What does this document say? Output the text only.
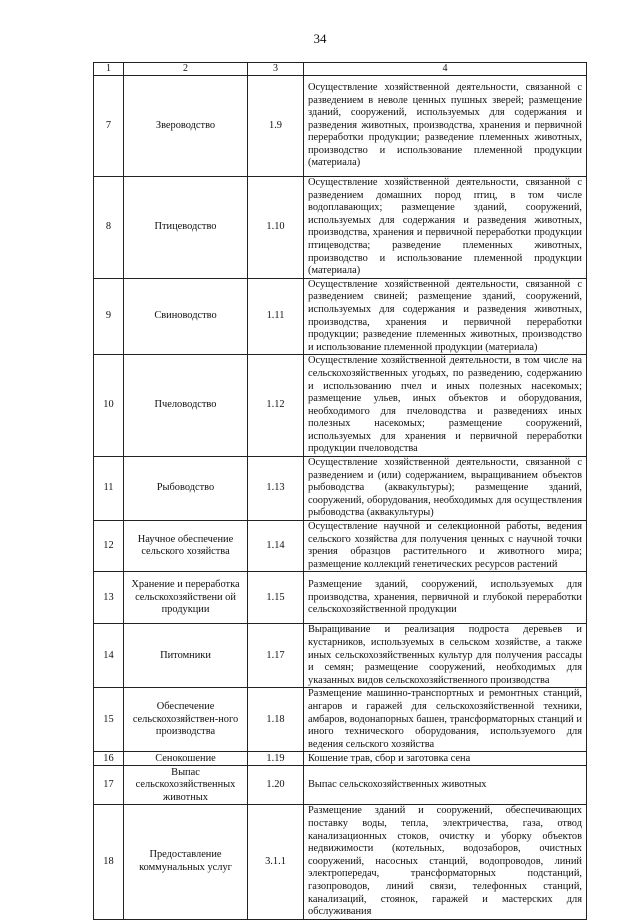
34
1	2	3	4
7	Звероводство	1.9	Осуществление хозяйственной деятельности, связанной с разведением в неволе ценных пушных зверей; размещение зданий, сооружений, используемых для содержания и разведения животных, производства, хранения и первичной переработки продукции; разведение племенных животных, производство и использование племенной продукции (материала)
8	Птицеводство	1.10	Осуществление хозяйственной деятельности, связанной с разведением домашних пород птиц, в том числе водоплавающих; размещение зданий, сооружений, используемых для содержания и разведения животных, производства, хранения и первичной переработки продукции птицеводства; разведение племенных животных, производство и использование племенной продукции (материала)
9	Свиноводство	1.11	Осуществление хозяйственной деятельности, связанной с разведением свиней; размещение зданий, сооружений, используемых для содержания и разведения животных, производства, хранения и первичной переработки продукции; разведение племенных животных, производство и использование племенной продукции (материала)
10	Пчеловодство	1.12	Осуществление хозяйственной деятельности, в том числе на сельскохозяйственных угодьях, по разведению, содержанию и использованию пчел и иных полезных насекомых; размещение ульев, иных объектов и оборудования, необходимого для пчеловодства и разведениях иных полезных насекомых; размещение сооружений, используемых для хранения и первичной переработки продукции пчеловодства
11	Рыбоводство	1.13	Осуществление хозяйственной деятельности, связанной с разведением и (или) содержанием, выращиванием объектов рыбоводства (аквакультуры); размещение зданий, сооружений, оборудования, необходимых для осуществления рыбоводства (аквакультуры)
12	Научное обеспечение сельского хозяйства	1.14	Осуществление научной и селекционной работы, ведения сельского хозяйства для получения ценных с научной точки зрения образцов растительного и животного мира; размещение коллекций генетических ресурсов растений
13	Хранение и переработка сельскохозяйствени ой продукции	1.15	Размещение зданий, сооружений, используемых для производства, хранения, первичной и глубокой переработки сельскохозяйственной продукции
14	Питомники	1.17	Выращивание и реализация подроста деревьев и кустарников, используемых в сельском хозяйстве, а также иных сельскохозяйственных культур для получения рассады и семян; размещение сооружений, необходимых для указанных видов сельскохозяйственного производства
15	Обеспечение сельскохозяйствен-ного производства	1.18	Размещение машинно-транспортных и ремонтных станций, ангаров и гаражей для сельскохозяйственной техники, амбаров, водонапорных башен, трансформаторных станций и иного технического оборудования, используемого для ведения сельского хозяйства
16	Сенокошение	1.19	Кошение трав, сбор и заготовка сена
17	Выпас сельскохозяйственных животных	1.20	Выпас сельскохозяйственных животных
18	Предоставление коммунальных услуг	3.1.1	Размещение зданий и сооружений, обеспечивающих поставку воды, тепла, электричества, газа, отвод канализационных стоков, очистку и уборку объектов недвижимости (котельных, водозаборов, очистных сооружений, насосных станций, водопроводов, линий электропередач, трансформаторных подстанций, газопроводов, линий связи, телефонных станций, канализаций, стоянок, гаражей и мастерских для обслуживания
